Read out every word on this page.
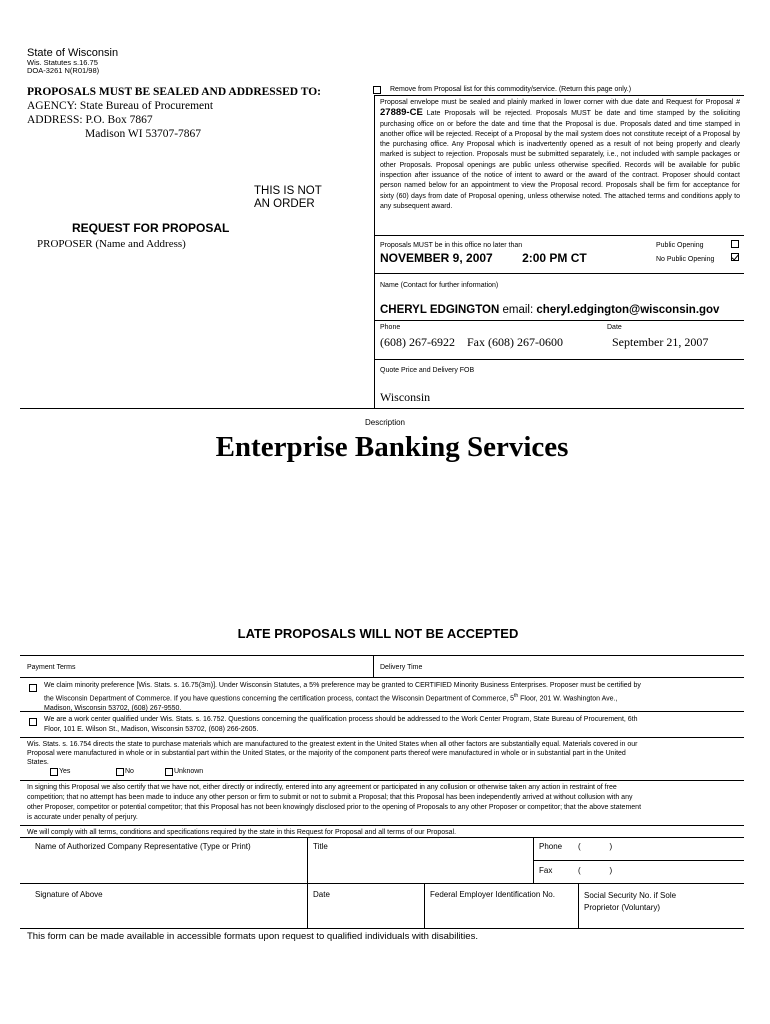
State of Wisconsin

Wis. Statutes s.16.75

DOA-3261 N(R01/98)

PROPOSALS MUST BE SEALED AND ADDRESSED TO:

AGENCY: State Bureau of Procurement

ADDRESS: P.O. Box 7867

Madison WI 53707-7867

THIS IS NOT

AN ORDER

REQUEST FOR PROPOSAL
PROPOSER (Name and Address)
Remove from Proposal list for this commodity/service. (Return this page only.)
Proposal envelope must be sealed and plainly marked in lower corner with due date and Request for Proposal # 27889-CE Late Proposals will be rejected. Proposals MUST be date and time stamped by the soliciting purchasing office on or before the date and time that the Proposal is due. Proposals dated and time stamped in another office will be rejected. Receipt of a Proposal by the mail system does not constitute receipt of a Proposal by the purchasing office. Any Proposal which is inadvertently opened as a result of not being properly and clearly marked is subject to rejection. Proposals must be submitted separately, i.e., not included with sample packages or other Proposals. Proposal openings are public unless otherwise specified. Records will be available for public inspection after issuance of the notice of intent to award or the award of the contract. Proposer should contact person named below for an appointment to view the Proposal record. Proposals shall be firm for acceptance for sixty (60) days from date of Proposal opening, unless otherwise noted. The attached terms and conditions apply to any subsequent award.
Proposals MUST be in this office no later than
NOVEMBER 9, 2007 2:00 PM CT
Public Opening
No Public Opening
Name (Contact for further information)
CHERYL EDGINGTON email: cheryl.edgington@wisconsin.gov
Phone
(608) 267-6922    Fax (608) 267-0600
Date
September 21, 2007
Quote Price and Delivery FOB
Wisconsin
Description
Enterprise Banking Services
LATE PROPOSALS WILL NOT BE ACCEPTED
Payment Terms	Delivery Time
We claim minority preference [Wis. Stats. s. 16.75(3m)]. Under Wisconsin Statutes, a 5% preference may be granted to CERTIFIED Minority Business Enterprises. Proposer must be certified by the Wisconsin Department of Commerce. If you have questions concerning the certification process, contact the Wisconsin Department of Commerce, 5th Floor, 201 W. Washington Ave., Madison, Wisconsin 53702, (608) 267-9550.
We are a work center qualified under Wis. Stats. s. 16.752. Questions concerning the qualification process should be addressed to the Work Center Program, State Bureau of Procurement, 6th Floor, 101 E. Wilson St., Madison, Wisconsin 53702, (608) 266-2605.
Wis. Stats. s. 16.754 directs the state to purchase materials which are manufactured to the greatest extent in the United States when all other factors are substantially equal. Materials covered in our Proposal were manufactured in whole or in substantial part within the United States, or the majority of the component parts thereof were manufactured in whole or in substantial part in the United States.
Yes	No	Unknown
In signing this Proposal we also certify that we have not, either directly or indirectly, entered into any agreement or participated in any collusion or otherwise taken any action in restraint of free competition; that no attempt has been made to induce any other person or firm to submit or not to submit a Proposal; that this Proposal has been independently arrived at without collusion with any other Proposer, competitor or potential competitor; that this Proposal has not been knowingly disclosed prior to the opening of Proposals to any other Proposer or competitor; that the above statement is accurate under penalty of perjury.
We will comply with all terms, conditions and specifications required by the state in this Request for Proposal and all terms of our Proposal.
Name of Authorized Company Representative (Type or Print)	Title	Phone (             )
Fax	(             )
Signature of Above	Date	Federal Employer Identification No.	Social Security No. if Sole Proprietor (Voluntary)
This form can be made available in accessible formats upon request to qualified individuals with disabilities.
